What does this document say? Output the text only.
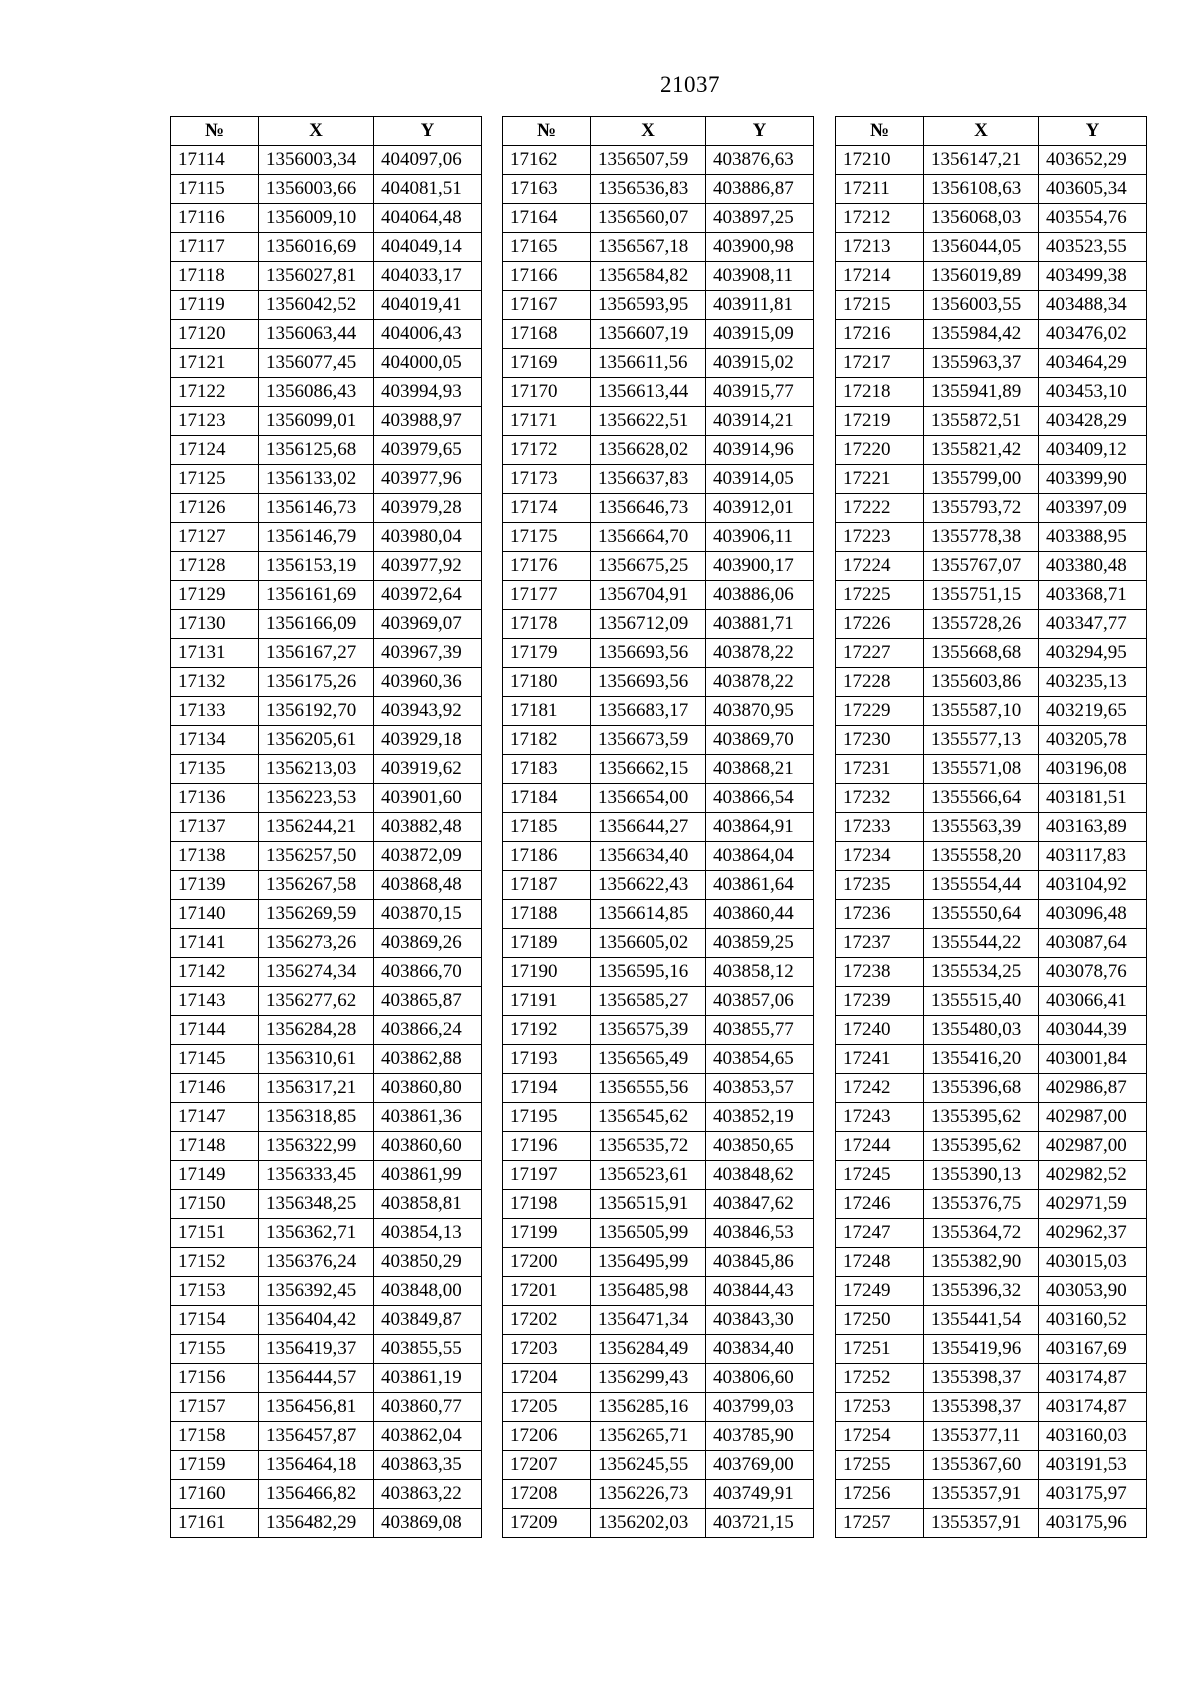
21037
№	X	Y
17114	1356003,34	404097,06
17115	1356003,66	404081,51
17116	1356009,10	404064,48
17117	1356016,69	404049,14
17118	1356027,81	404033,17
17119	1356042,52	404019,41
17120	1356063,44	404006,43
17121	1356077,45	404000,05
17122	1356086,43	403994,93
17123	1356099,01	403988,97
17124	1356125,68	403979,65
17125	1356133,02	403977,96
17126	1356146,73	403979,28
17127	1356146,79	403980,04
17128	1356153,19	403977,92
17129	1356161,69	403972,64
17130	1356166,09	403969,07
17131	1356167,27	403967,39
17132	1356175,26	403960,36
17133	1356192,70	403943,92
17134	1356205,61	403929,18
17135	1356213,03	403919,62
17136	1356223,53	403901,60
17137	1356244,21	403882,48
17138	1356257,50	403872,09
17139	1356267,58	403868,48
17140	1356269,59	403870,15
17141	1356273,26	403869,26
17142	1356274,34	403866,70
17143	1356277,62	403865,87
17144	1356284,28	403866,24
17145	1356310,61	403862,88
17146	1356317,21	403860,80
17147	1356318,85	403861,36
17148	1356322,99	403860,60
17149	1356333,45	403861,99
17150	1356348,25	403858,81
17151	1356362,71	403854,13
17152	1356376,24	403850,29
17153	1356392,45	403848,00
17154	1356404,42	403849,87
17155	1356419,37	403855,55
17156	1356444,57	403861,19
17157	1356456,81	403860,77
17158	1356457,87	403862,04
17159	1356464,18	403863,35
17160	1356466,82	403863,22
17161	1356482,29	403869,08
№	X	Y
17162	1356507,59	403876,63
17163	1356536,83	403886,87
17164	1356560,07	403897,25
17165	1356567,18	403900,98
17166	1356584,82	403908,11
17167	1356593,95	403911,81
17168	1356607,19	403915,09
17169	1356611,56	403915,02
17170	1356613,44	403915,77
17171	1356622,51	403914,21
17172	1356628,02	403914,96
17173	1356637,83	403914,05
17174	1356646,73	403912,01
17175	1356664,70	403906,11
17176	1356675,25	403900,17
17177	1356704,91	403886,06
17178	1356712,09	403881,71
17179	1356693,56	403878,22
17180	1356693,56	403878,22
17181	1356683,17	403870,95
17182	1356673,59	403869,70
17183	1356662,15	403868,21
17184	1356654,00	403866,54
17185	1356644,27	403864,91
17186	1356634,40	403864,04
17187	1356622,43	403861,64
17188	1356614,85	403860,44
17189	1356605,02	403859,25
17190	1356595,16	403858,12
17191	1356585,27	403857,06
17192	1356575,39	403855,77
17193	1356565,49	403854,65
17194	1356555,56	403853,57
17195	1356545,62	403852,19
17196	1356535,72	403850,65
17197	1356523,61	403848,62
17198	1356515,91	403847,62
17199	1356505,99	403846,53
17200	1356495,99	403845,86
17201	1356485,98	403844,43
17202	1356471,34	403843,30
17203	1356284,49	403834,40
17204	1356299,43	403806,60
17205	1356285,16	403799,03
17206	1356265,71	403785,90
17207	1356245,55	403769,00
17208	1356226,73	403749,91
17209	1356202,03	403721,15
№	X	Y
17210	1356147,21	403652,29
17211	1356108,63	403605,34
17212	1356068,03	403554,76
17213	1356044,05	403523,55
17214	1356019,89	403499,38
17215	1356003,55	403488,34
17216	1355984,42	403476,02
17217	1355963,37	403464,29
17218	1355941,89	403453,10
17219	1355872,51	403428,29
17220	1355821,42	403409,12
17221	1355799,00	403399,90
17222	1355793,72	403397,09
17223	1355778,38	403388,95
17224	1355767,07	403380,48
17225	1355751,15	403368,71
17226	1355728,26	403347,77
17227	1355668,68	403294,95
17228	1355603,86	403235,13
17229	1355587,10	403219,65
17230	1355577,13	403205,78
17231	1355571,08	403196,08
17232	1355566,64	403181,51
17233	1355563,39	403163,89
17234	1355558,20	403117,83
17235	1355554,44	403104,92
17236	1355550,64	403096,48
17237	1355544,22	403087,64
17238	1355534,25	403078,76
17239	1355515,40	403066,41
17240	1355480,03	403044,39
17241	1355416,20	403001,84
17242	1355396,68	402986,87
17243	1355395,62	402987,00
17244	1355395,62	402987,00
17245	1355390,13	402982,52
17246	1355376,75	402971,59
17247	1355364,72	402962,37
17248	1355382,90	403015,03
17249	1355396,32	403053,90
17250	1355441,54	403160,52
17251	1355419,96	403167,69
17252	1355398,37	403174,87
17253	1355398,37	403174,87
17254	1355377,11	403160,03
17255	1355367,60	403191,53
17256	1355357,91	403175,97
17257	1355357,91	403175,96
